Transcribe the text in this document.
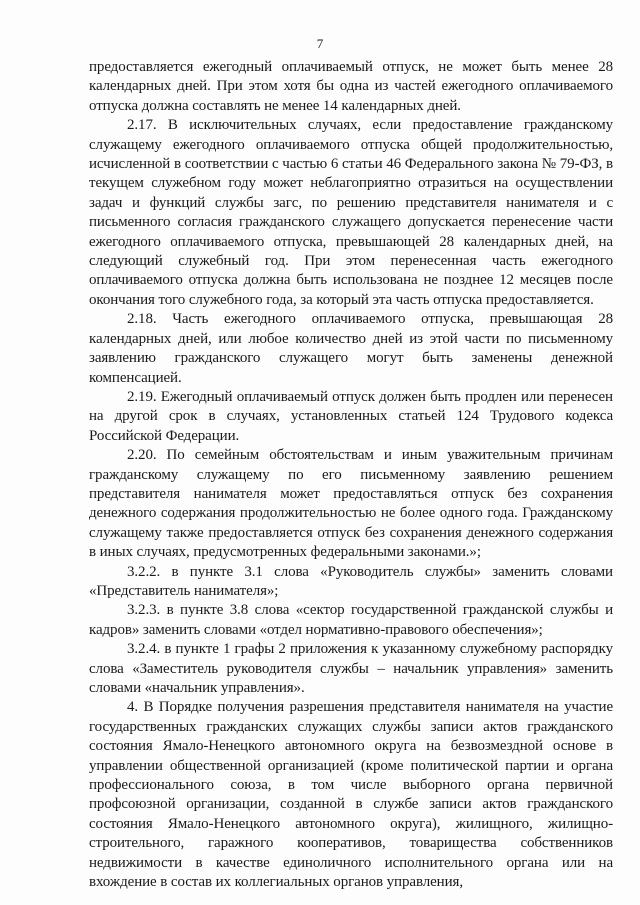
7

предоставляется ежегодный оплачиваемый отпуск, не может быть менее 28 календарных дней. При этом хотя бы одна из частей ежегодного оплачиваемого отпуска должна составлять не менее 14 календарных дней.

2.17. В исключительных случаях, если предоставление гражданскому служащему ежегодного оплачиваемого отпуска общей продолжительностью, исчисленной в соответствии с частью 6 статьи 46 Федерального закона № 79-ФЗ, в текущем служебном году может неблагоприятно отразиться на осуществлении задач и функций службы загс, по решению представителя нанимателя и с письменного согласия гражданского служащего допускается перенесение части ежегодного оплачиваемого отпуска, превышающей 28 календарных дней, на следующий служебный год. При этом перенесенная часть ежегодного оплачиваемого отпуска должна быть использована не позднее 12 месяцев после окончания того служебного года, за который эта часть отпуска предоставляется.

2.18. Часть ежегодного оплачиваемого отпуска, превышающая 28 календарных дней, или любое количество дней из этой части по письменному заявлению гражданского служащего могут быть заменены денежной компенсацией.

2.19. Ежегодный оплачиваемый отпуск должен быть продлен или перенесен на другой срок в случаях, установленных статьей 124 Трудового кодекса Российской Федерации.

2.20. По семейным обстоятельствам и иным уважительным причинам гражданскому служащему по его письменному заявлению решением представителя нанимателя может предоставляться отпуск без сохранения денежного содержания продолжительностью не более одного года. Гражданскому служащему также предоставляется отпуск без сохранения денежного содержания в иных случаях, предусмотренных федеральными законами.»;

3.2.2. в пункте 3.1 слова «Руководитель службы» заменить словами «Представитель нанимателя»;

3.2.3. в пункте 3.8 слова «сектор государственной гражданской службы и кадров» заменить словами «отдел нормативно-правового обеспечения»;

3.2.4. в пункте 1 графы 2 приложения к указанному служебному распорядку слова «Заместитель руководителя службы – начальник управления» заменить словами «начальник управления».

4. В Порядке получения разрешения представителя нанимателя на участие государственных гражданских служащих службы записи актов гражданского состояния Ямало-Ненецкого автономного округа на безвозмездной основе в управлении общественной организацией (кроме политической партии и органа профессионального союза, в том числе выборного органа первичной профсоюзной организации, созданной в службе записи актов гражданского состояния Ямало-Ненецкого автономного округа), жилищного, жилищно-строительного, гаражного кооперативов, товарищества собственников недвижимости в качестве единоличного исполнительного органа или на вхождение в состав их коллегиальных органов управления,
